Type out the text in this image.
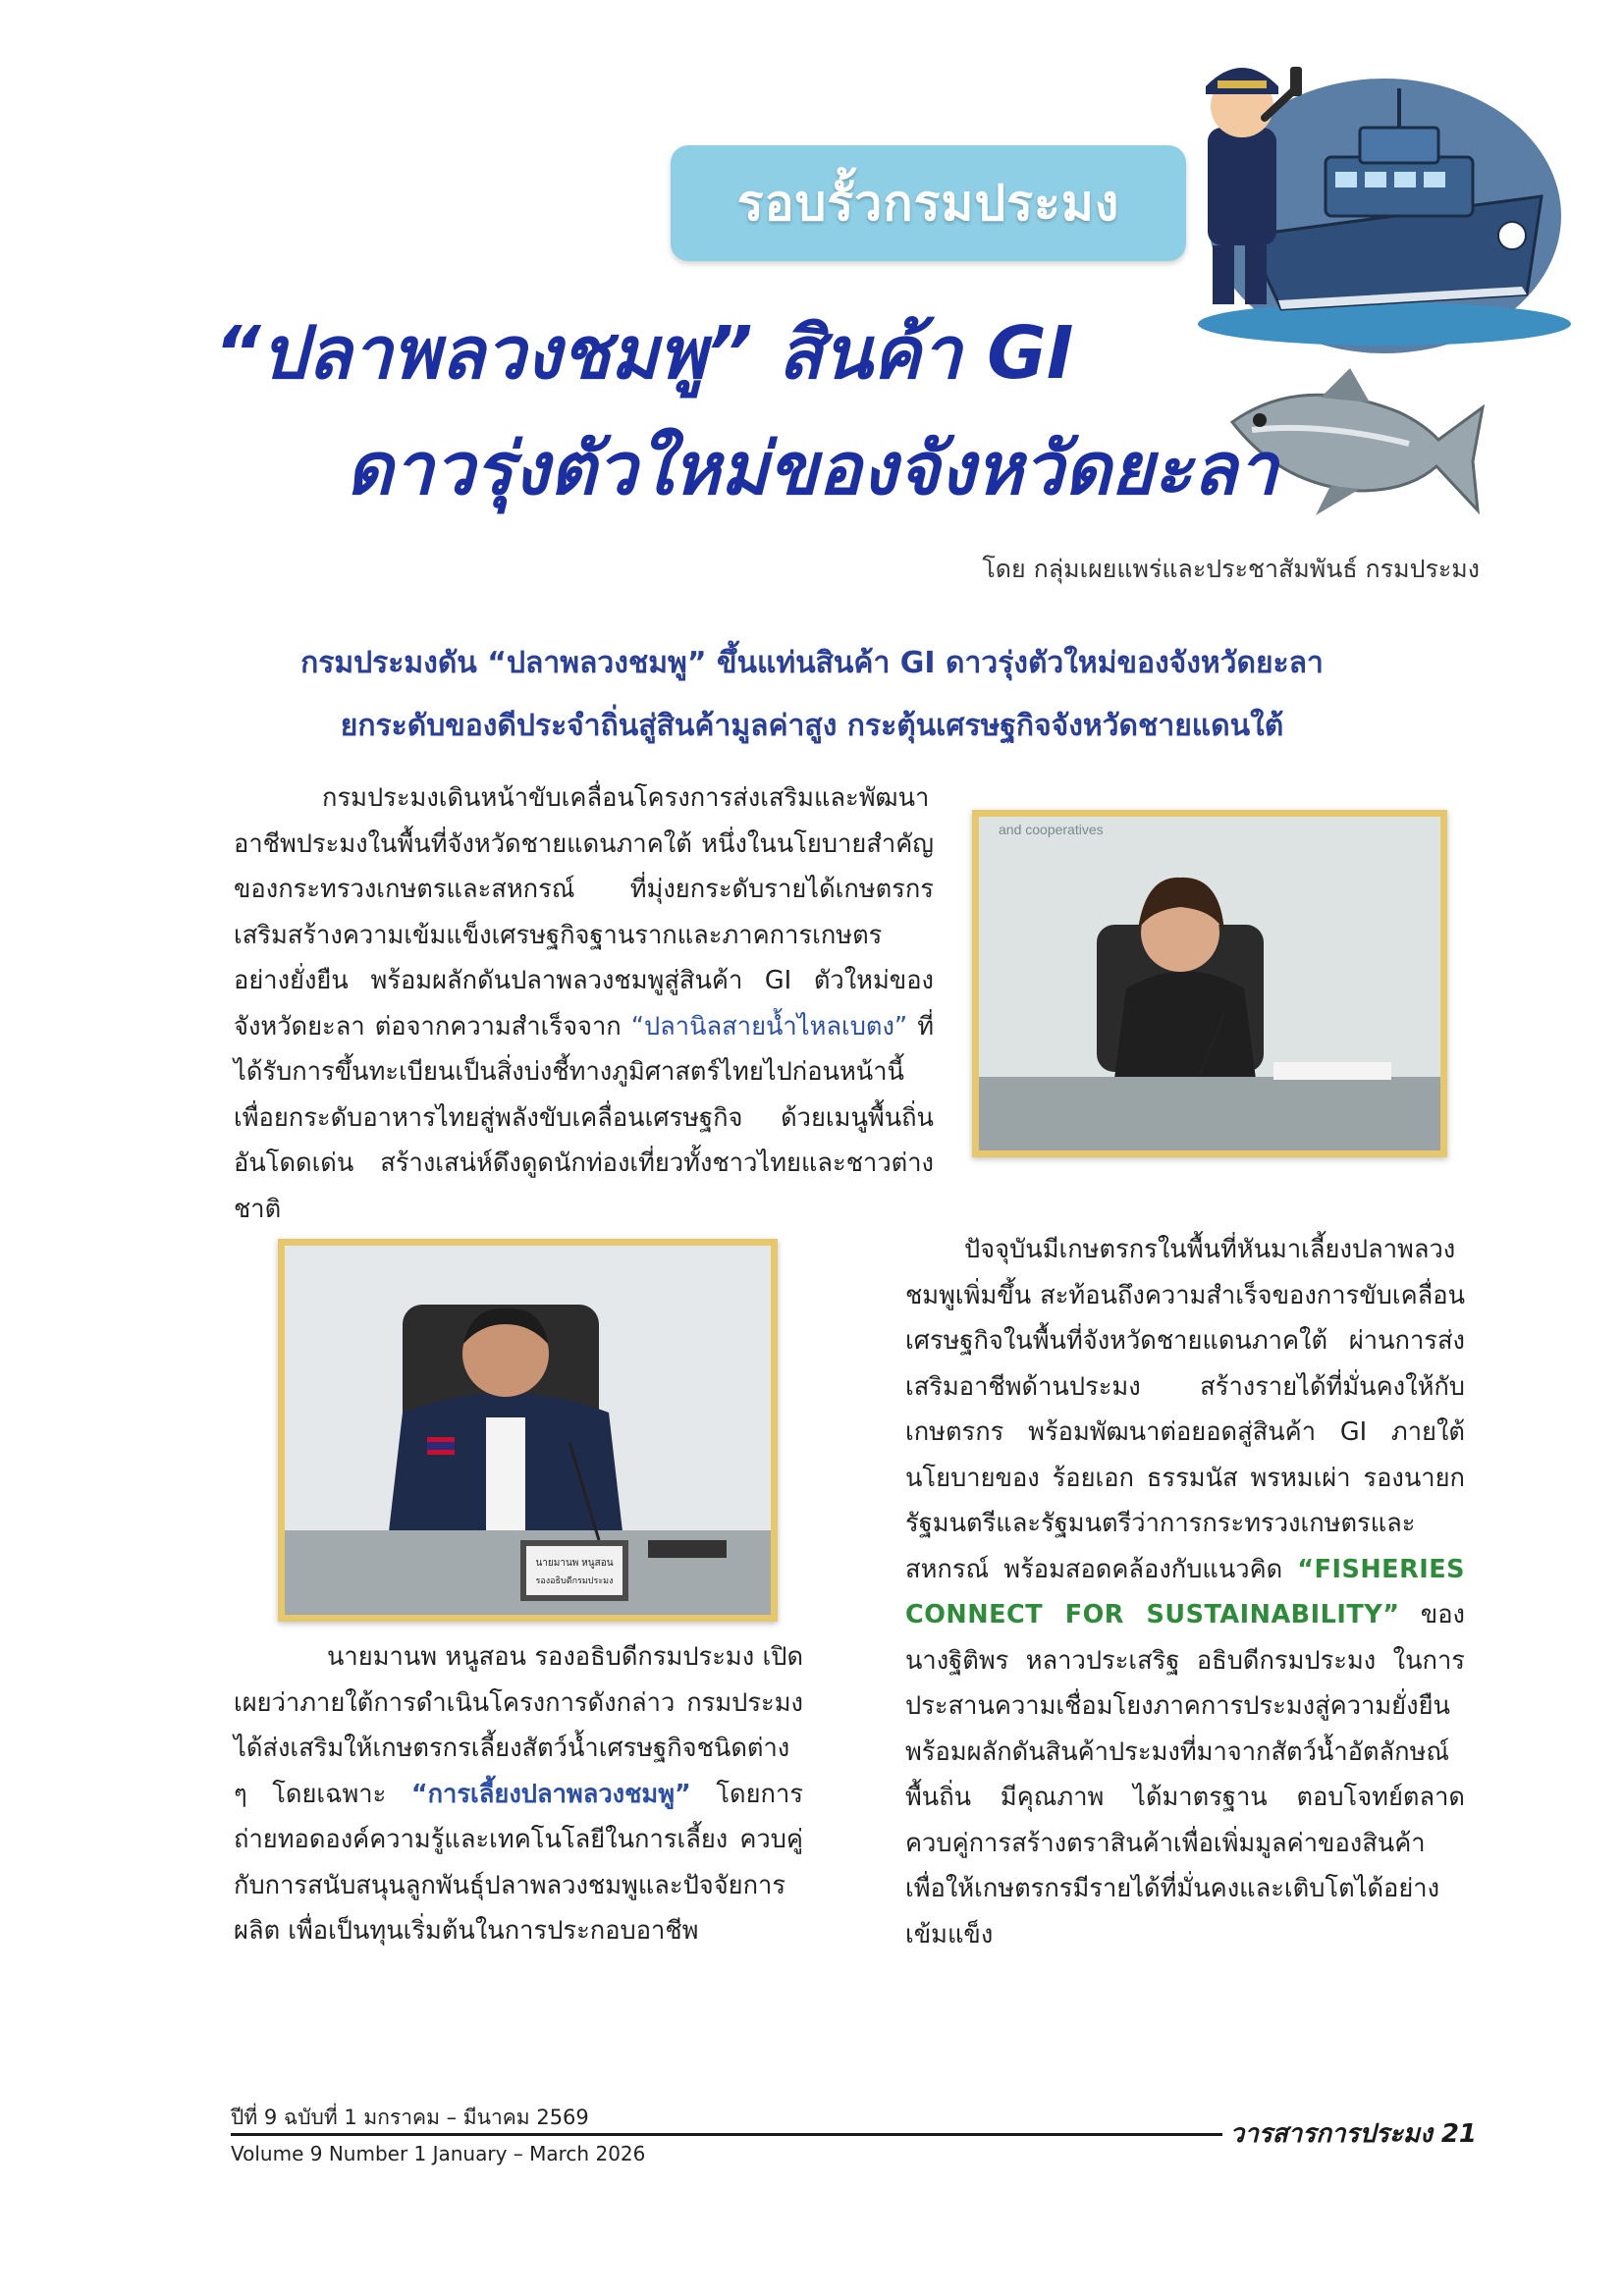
รอบรั้วกรมประมง
“ปลาพลวงชมพู” สินค้า GI
ดาวรุ่งตัวใหม่ของจังหวัดยะลา
โดย กลุ่มเผยแพร่และประชาสัมพันธ์ กรมประมง
กรมประมงดัน “ปลาพลวงชมพู” ขึ้นแท่นสินค้า GI ดาวรุ่งตัวใหม่ของจังหวัดยะลา
ยกระดับของดีประจำถิ่นสู่สินค้ามูลค่าสูง กระตุ้นเศรษฐกิจจังหวัดชายแดนใต้
กรมประมงเดินหน้าขับเคลื่อนโครงการส่งเสริมและพัฒนาอาชีพประมงในพื้นที่จังหวัดชายแดนภาคใต้ หนึ่งในนโยบายสำคัญของกระทรวงเกษตรและสหกรณ์ ที่มุ่งยกระดับรายได้เกษตรกร เสริมสร้างความเข้มแข็งเศรษฐกิจฐานรากและภาคการเกษตรอย่างยั่งยืน พร้อมผลักดันปลาพลวงชมพูสู่สินค้า GI ตัวใหม่ของจังหวัดยะลา ต่อจากความสำเร็จจาก “ปลานิลสายน้ำไหลเบตง” ที่ได้รับการขึ้นทะเบียนเป็นสิ่งบ่งชี้ทางภูมิศาสตร์ไทยไปก่อนหน้านี้ เพื่อยกระดับอาหารไทยสู่พลังขับเคลื่อนเศรษฐกิจ ด้วยเมนูพื้นถิ่นอันโดดเด่น สร้างเสน่ห์ดึงดูดนักท่องเที่ยวทั้งชาวไทยและชาวต่างชาติ
and cooperatives
นายมานพ หนูสอน
รองอธิบดีกรมประมง
นายมานพ หนูสอน รองอธิบดีกรมประมง เปิดเผยว่าภายใต้การดำเนินโครงการดังกล่าว กรมประมงได้ส่งเสริมให้เกษตรกรเลี้ยงสัตว์น้ำเศรษฐกิจชนิดต่าง ๆ โดยเฉพาะ “การเลี้ยงปลาพลวงชมพู” โดยการถ่ายทอดองค์ความรู้และเทคโนโลยีในการเลี้ยง ควบคู่กับการสนับสนุนลูกพันธุ์ปลาพลวงชมพูและปัจจัยการผลิต เพื่อเป็นทุนเริ่มต้นในการประกอบอาชีพ
ปัจจุบันมีเกษตรกรในพื้นที่หันมาเลี้ยงปลาพลวงชมพูเพิ่มขึ้น สะท้อนถึงความสำเร็จของการขับเคลื่อนเศรษฐกิจในพื้นที่จังหวัดชายแดนภาคใต้ ผ่านการส่งเสริมอาชีพด้านประมง สร้างรายได้ที่มั่นคงให้กับเกษตรกร พร้อมพัฒนาต่อยอดสู่สินค้า GI ภายใต้นโยบายของ ร้อยเอก ธรรมนัส พรหมเผ่า รองนายกรัฐมนตรีและรัฐมนตรีว่าการกระทรวงเกษตรและสหกรณ์ พร้อมสอดคล้องกับแนวคิด “FISHERIES CONNECT FOR SUSTAINABILITY” ของนางฐิติพร หลาวประเสริฐ อธิบดีกรมประมง ในการประสานความเชื่อมโยงภาคการประมงสู่ความยั่งยืน พร้อมผลักดันสินค้าประมงที่มาจากสัตว์น้ำอัตลักษณ์พื้นถิ่น มีคุณภาพ ได้มาตรฐาน ตอบโจทย์ตลาด ควบคู่การสร้างตราสินค้าเพื่อเพิ่มมูลค่าของสินค้า เพื่อให้เกษตรกรมีรายได้ที่มั่นคงและเติบโตได้อย่างเข้มแข็ง
ปีที่ 9 ฉบับที่ 1 มกราคม – มีนาคม 2569
Volume 9 Number 1 January – March 2026
วารสารการประมง 21
